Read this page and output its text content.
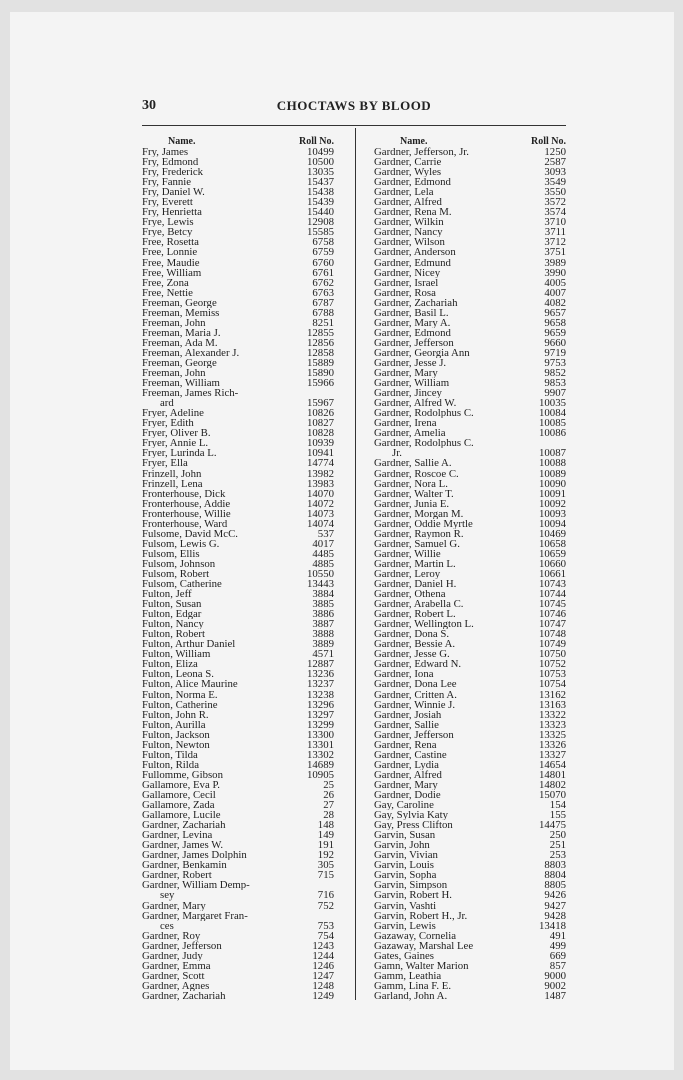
30	CHOCTAWS BY BLOOD
Name.	Roll No.
Fry, James	10499
Fry, Edmond	10500
Fry, Frederick	13035
Fry, Fannie	15437
Fry, Daniel W.	15438
Fry, Everett	15439
Fry, Henrietta	15440
Frye, Lewis	12908
Frye, Betcy	15585
Free, Rosetta	6758
Free, Lonnie	6759
Free, Maudie	6760
Free, William	6761
Free, Zona	6762
Free, Nettie	6763
Freeman, George	6787
Freeman, Memiss	6788
Freeman, John	8251
Freeman, Maria J.	12855
Freeman, Ada M.	12856
Freeman, Alexander J.	12858
Freeman, George	15889
Freeman, John	15890
Freeman, William	15966
Freeman, James Rich-
ard	15967
Fryer, Adeline	10826
Fryer, Edith	10827
Fryer, Oliver B.	10828
Fryer, Annie L.	10939
Fryer, Lurinda L.	10941
Fryer, Ella	14774
Frinzell, John	13982
Frinzell, Lena	13983
Fronterhouse, Dick	14070
Fronterhouse, Addie	14072
Fronterhouse, Willie	14073
Fronterhouse, Ward	14074
Fulsome, David McC.	537
Fulsom, Lewis G.	4017
Fulsom, Ellis	4485
Fulsom, Johnson	4885
Fulsom, Robert	10550
Fulsom, Catherine	13443
Fulton, Jeff	3884
Fulton, Susan	3885
Fulton, Edgar	3886
Fulton, Nancy	3887
Fulton, Robert	3888
Fulton, Arthur Daniel	3889
Fulton, William	4571
Fulton, Eliza	12887
Fulton, Leona S.	13236
Fulton, Alice Maurine	13237
Fulton, Norma E.	13238
Fulton, Catherine	13296
Fulton, John R.	13297
Fulton, Aurilla	13299
Fulton, Jackson	13300
Fulton, Newton	13301
Fulton, Tilda	13302
Fulton, Rilda	14689
Fullomme, Gibson	10905
Gallamore, Eva P.	25
Gallamore, Cecil	26
Gallamore, Zada	27
Gallamore, Lucile	28
Gardner, Zachariah	148
Gardner, Levina	149
Gardner, James W.	191
Gardner, James Dolphin	192
Gardner, Benkamin	305
Gardner, Robert	715
Gardner, William Demp-
sey	716
Gardner, Mary	752
Gardner, Margaret Fran-
ces	753
Gardner, Roy	754
Gardner, Jefferson	1243
Gardner, Judy	1244
Gardner, Emma	1246
Gardner, Scott	1247
Gardner, Agnes	1248
Gardner, Zachariah	1249
Name.	Roll No.
Gardner, Jefferson, Jr.	1250
Gardner, Carrie	2587
Gardner, Wyles	3093
Gardner, Edmond	3549
Gardner, Lela	3550
Gardner, Alfred	3572
Gardner, Rena M.	3574
Gardner, Wilkin	3710
Gardner, Nancy	3711
Gardner, Wilson	3712
Gardner, Anderson	3751
Gardner, Edmund	3989
Gardner, Nicey	3990
Gardner, Israel	4005
Gardner, Rosa	4007
Gardner, Zachariah	4082
Gardner, Basil L.	9657
Gardner, Mary A.	9658
Gardner, Edmond	9659
Gardner, Jefferson	9660
Gardner, Georgia Ann	9719
Gardner, Jesse J.	9753
Gardner, Mary	9852
Gardner, William	9853
Gardner, Jincey	9907
Gardner, Alfred W.	10035
Gardner, Rodolphus C.	10084
Gardner, Irena	10085
Gardner, Amelia	10086
Gardner, Rodolphus C.
Jr.	10087
Gardner, Sallie A.	10088
Gardner, Roscoe C.	10089
Gardner, Nora L.	10090
Gardner, Walter T.	10091
Gardner, Junia E.	10092
Gardner, Morgan M.	10093
Gardner, Oddie Myrtle	10094
Gardner, Raymon R.	10469
Gardner, Samuel G.	10658
Gardner, Willie	10659
Gardner, Martin L.	10660
Gardner, Leroy	10661
Gardner, Daniel H.	10743
Gardner, Othena	10744
Gardner, Arabella C.	10745
Gardner, Robert L.	10746
Gardner, Wellington L.	10747
Gardner, Dona S.	10748
Gardner, Bessie A.	10749
Gardner, Jesse G.	10750
Gardner, Edward N.	10752
Gardner, Iona	10753
Gardner, Dona Lee	10754
Gardner, Critten A.	13162
Gardner, Winnie J.	13163
Gardner, Josiah	13322
Gardner, Sallie	13323
Gardner, Jefferson	13325
Gardner, Rena	13326
Gardner, Castine	13327
Gardner, Lydia	14654
Gardner, Alfred	14801
Gardner, Mary	14802
Gardner, Dodie	15070
Gay, Caroline	154
Gay, Sylvia Katy	155
Gay, Press Clifton	14475
Garvin, Susan	250
Garvin, John	251
Garvin, Vivian	253
Garvin, Louis	8803
Garvin, Sopha	8804
Garvin, Simpson	8805
Garvin, Robert H.	9426
Garvin, Vashti	9427
Garvin, Robert H., Jr.	9428
Garvin, Lewis	13418
Gazaway, Cornelia	491
Gazaway, Marshal Lee	499
Gates, Gaines	669
Gamn, Walter Marion	857
Gamm, Leathia	9000
Gamm, Lina F. E.	9002
Garland, John A.	1487
